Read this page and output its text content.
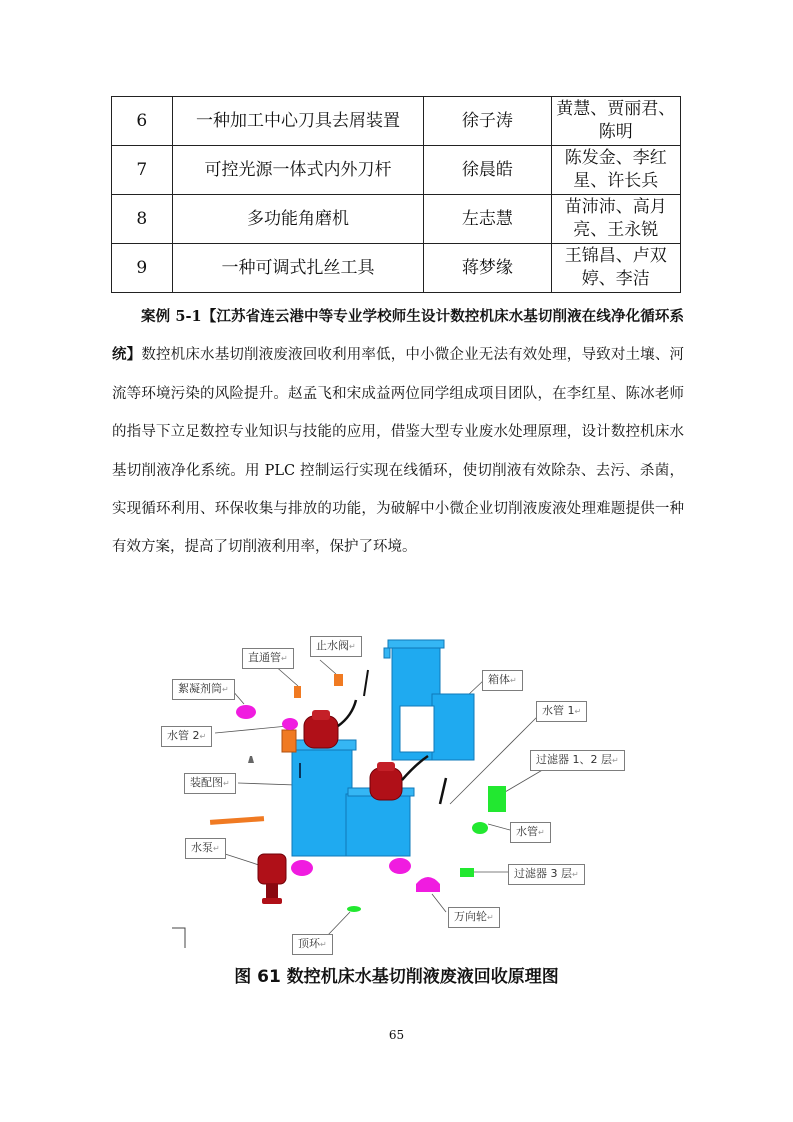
6	一种加工中心刀具去屑装置	徐子涛	黄慧、贾丽君、
陈明
7	可控光源一体式内外刀杆	徐晨皓	陈发金、李红
星、许长兵
8	多功能角磨机	左志慧	苗沛沛、高月
亮、王永锐
9	一种可调式扎丝工具	蒋梦缘	王锦昌、卢双
婷、李洁

案例 5-1【江苏省连云港中等专业学校师生设计数控机床水基切削液在线净化循环系统】数控机床水基切削液废液回收利用率低，中小微企业无法有效处理，导致对土壤、河流等环境污染的风险提升。赵孟飞和宋成益两位同学组成项目团队，在李红星、陈冰老师的指导下立足数控专业知识与技能的应用，借鉴大型专业废水处理原理，设计数控机床水基切削液净化系统。用 PLC 控制运行实现在线循环，使切削液有效除杂、去污、杀菌，实现循环利用、环保收集与排放的功能，为破解中小微企业切削液废液处理难题提供一种有效方案，提高了切削液利用率，保护了环境。

直通管↵
止水阀↵
絮凝剂筒↵
水管 2↵
装配图↵
水泵↵
顶环↵
箱体↵
水管 1↵
过滤器 1、2 层↵
水管↵
过滤器 3 层↵
万向轮↵
图 61 数控机床水基切削液废液回收原理图
65
